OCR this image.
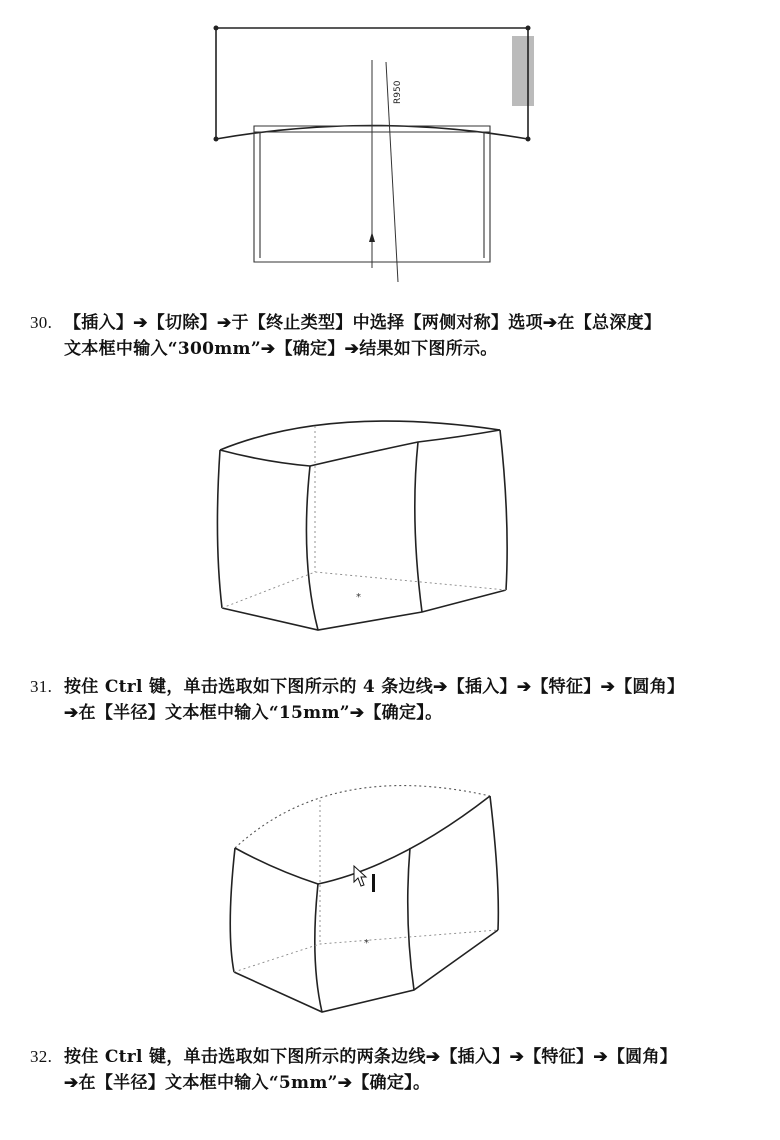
R950
30. 【插入】➔【切除】➔于【终止类型】中选择【两侧对称】选项➔在【总深度】
文本框中输入“300mm”➔【确定】➔结果如下图所示。
*
31. 按住 Ctrl 键，单击选取如下图所示的 4 条边线➔【插入】➔【特征】➔【圆角】
➔在【半径】文本框中输入“15mm”➔【确定】。
*
32. 按住 Ctrl 键，单击选取如下图所示的两条边线➔【插入】➔【特征】➔【圆角】
➔在【半径】文本框中输入“5mm”➔【确定】。
